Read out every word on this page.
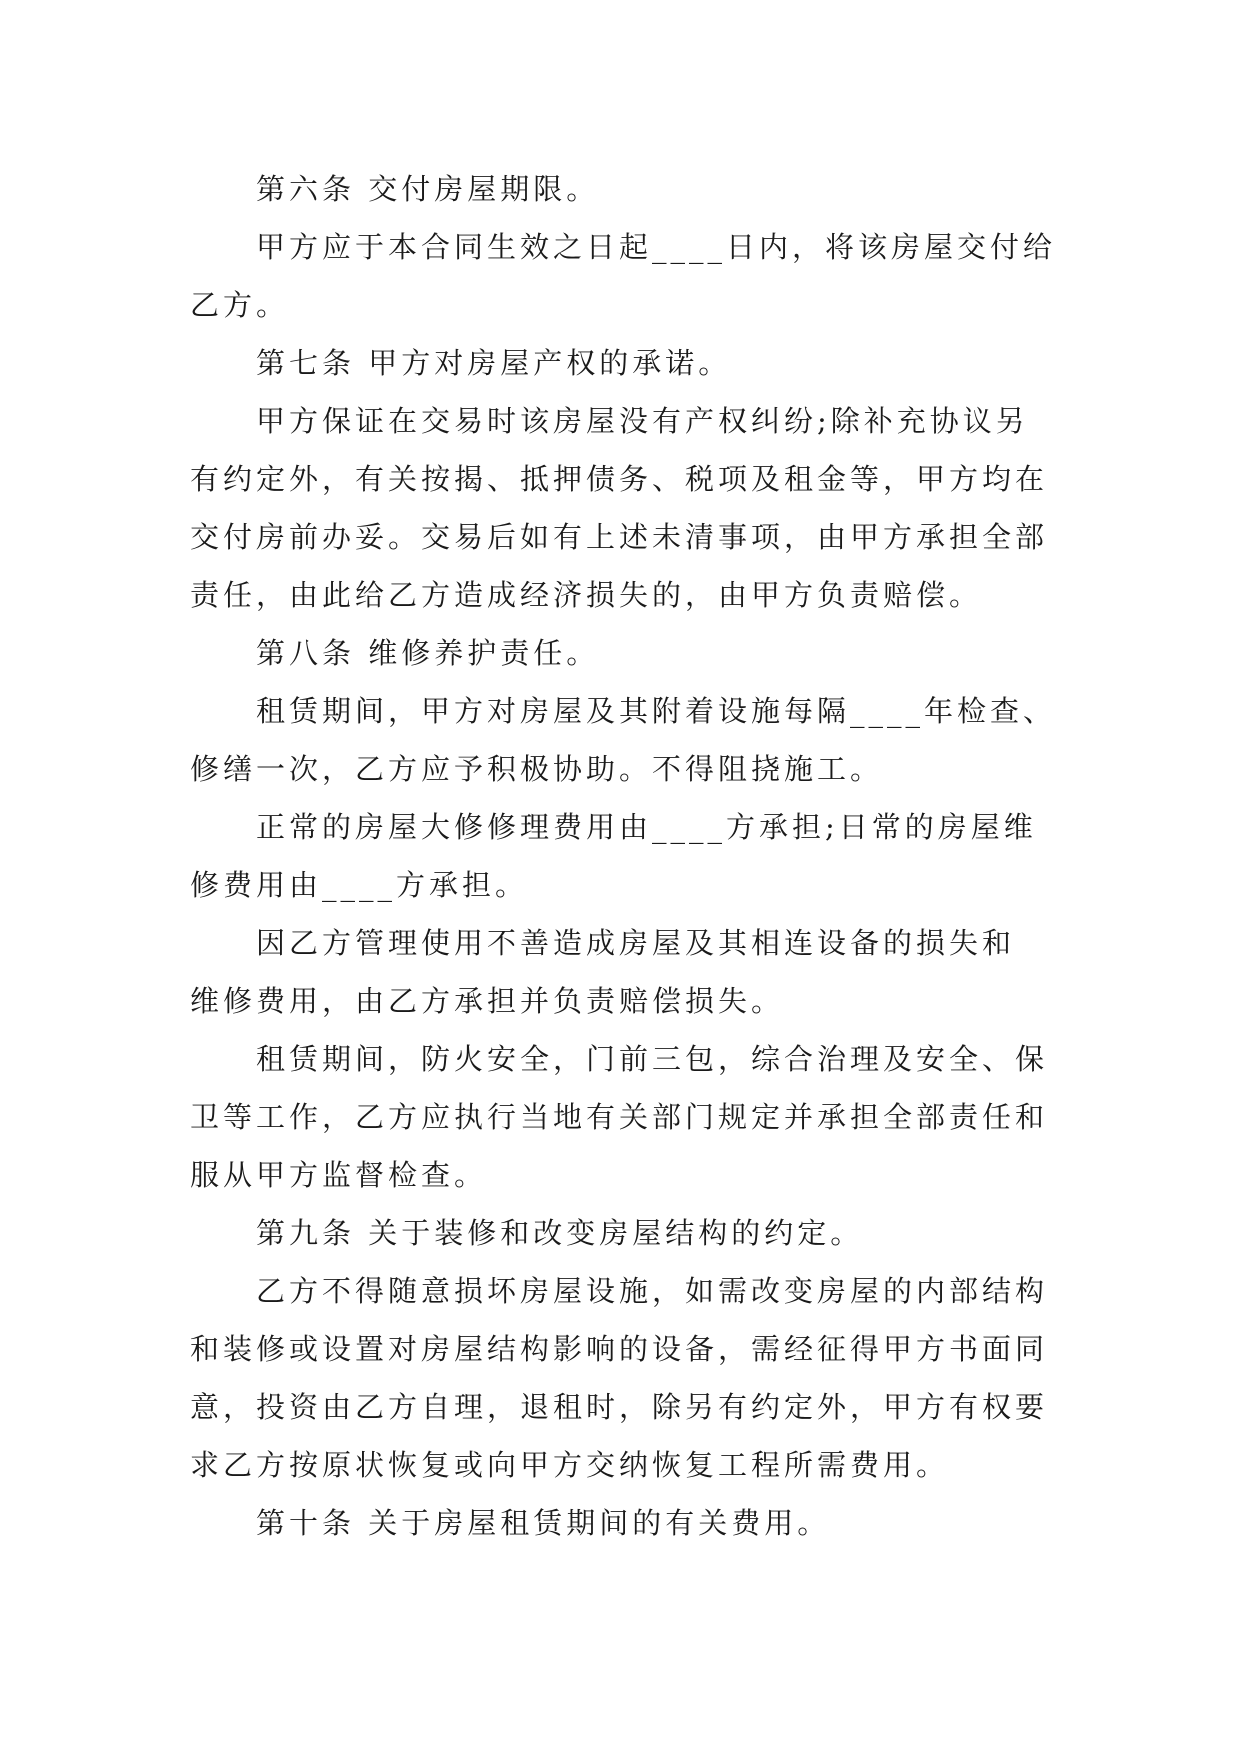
第六条 交付房屋期限。

甲方应于本合同生效之日起____日内，将该房屋交付给

乙方。

第七条 甲方对房屋产权的承诺。

甲方保证在交易时该房屋没有产权纠纷;除补充协议另

有约定外，有关按揭、抵押债务、税项及租金等，甲方均在

交付房前办妥。交易后如有上述未清事项，由甲方承担全部

责任，由此给乙方造成经济损失的，由甲方负责赔偿。

第八条 维修养护责任。

租赁期间，甲方对房屋及其附着设施每隔____年检查、

修缮一次，乙方应予积极协助。不得阻挠施工。

正常的房屋大修修理费用由____方承担;日常的房屋维

修费用由____方承担。

因乙方管理使用不善造成房屋及其相连设备的损失和

维修费用，由乙方承担并负责赔偿损失。

租赁期间，防火安全，门前三包，综合治理及安全、保

卫等工作，乙方应执行当地有关部门规定并承担全部责任和

服从甲方监督检查。

第九条 关于装修和改变房屋结构的约定。

乙方不得随意损坏房屋设施，如需改变房屋的内部结构

和装修或设置对房屋结构影响的设备，需经征得甲方书面同

意，投资由乙方自理，退租时，除另有约定外，甲方有权要

求乙方按原状恢复或向甲方交纳恢复工程所需费用。

第十条 关于房屋租赁期间的有关费用。
